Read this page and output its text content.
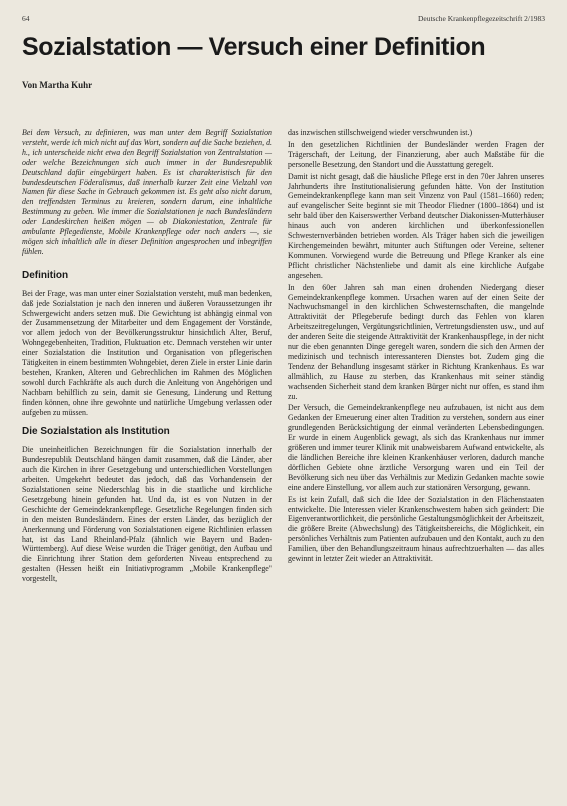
64	Deutsche Krankenpflegezeitschrift 2/1983
Sozialstation — Versuch einer Definition
Von Martha Kuhr

Bei dem Versuch, zu definieren, was man unter dem Begriff Sozialstation versteht, werde ich mich nicht auf das Wort, sondern auf die Sache beziehen, d. h., ich unterscheide nicht etwa den Begriff Sozialstation von Zentralstation — oder welche Bezeichnungen sich auch immer in der Bundesrepublik Deutschland dafür eingebürgert haben. Es ist charakteristisch für den bundesdeutschen Föderalismus, daß innerhalb kurzer Zeit eine Vielzahl von Namen für diese Sache in Gebrauch gekommen ist. Es geht also nicht darum, den treffendsten Terminus zu kreieren, sondern darum, eine inhaltliche Bestimmung zu geben. Wie immer die Sozialstationen je nach Bundesländern oder Landeskirchen heißen mögen — ob Diakoniestation, Zentrale für ambulante Pflegedienste, Mobile Krankenpflege oder noch anders —, sie mögen sich inhaltlich alle in dieser Definition angesprochen und inbegriffen fühlen.

Definition

Bei der Frage, was man unter einer Sozialstation versteht, muß man bedenken, daß jede Sozialstation je nach den inneren und äußeren Voraussetzungen ihr Schwergewicht anders setzen muß. Die Gewichtung ist abhängig einmal von der Zusammensetzung der Mitarbeiter und dem Engagement der Vorstände, vor allem jedoch von der Bevölkerungsstruktur hinsichtlich Alter, Beruf, Wohngegebenheiten, Tradition, Fluktuation etc. Demnach verstehen wir unter einer Sozialstation die Institution und Organisation von pflegerischen Tätigkeiten in einem bestimmten Wohngebiet, deren Ziele in erster Linie darin bestehen, Kranken, Alteren und Gebrechlichen im Rahmen des Möglichen sowohl durch Fachkräfte als auch durch die Anleitung von Angehörigen und Nachbarn behilflich zu sein, damit sie Genesung, Linderung und Rettung finden können, ohne ihre gewohnte und natürliche Umgebung verlassen oder aufgeben zu müssen.

Die Sozialstation als Institution

Die uneinheitlichen Bezeichnungen für die Sozialstation innerhalb der Bundesrepublik Deutschland hängen damit zusammen, daß die Länder, aber auch die Kirchen in ihrer Gesetzgebung und unterschiedlichen Vorstellungen arbeiten. Umgekehrt bedeutet das jedoch, daß das Vorhandensein der Sozialstationen seine Niederschlag bis in die staatliche und kirchliche Gesetzgebung hinein gefunden hat. Und da, ist es von Nutzen in der Geschichte der Gemeindekrankenpflege. Gesetzliche Regelungen finden sich in den meisten Bundesländern. Eines der ersten Länder, das bezüglich der Anerkennung und Förderung von Sozialstationen eigene Richtlinien erlassen hat, ist das Land Rheinland-Pfalz (ähnlich wie Bayern und Baden-Württemberg). Auf diese Weise wurden die Träger genötigt, den Aufbau und die Einrichtung ihrer Station dem geforderten Niveau entsprechend zu gestalten (Hessen heißt ein Initiativprogramm „Mobile Krankenpflege" vorgestellt,

das inzwischen stillschweigend wieder verschwunden ist.)

In den gesetzlichen Richtlinien der Bundesländer werden Fragen der Trägerschaft, der Leitung, der Finanzierung, aber auch Maßstäbe für die personelle Besetzung, den Standort und die Ausstattung geregelt.

Damit ist nicht gesagt, daß die häusliche Pflege erst in den 70er Jahren unseres Jahrhunderts ihre Institutionalisierung gefunden hätte. Von der Institution Gemeindekrankenpflege kann man seit Vinzenz von Paul (1581–1660) reden; auf evangelischer Seite beginnt sie mit Theodor Fliedner (1800–1864) und ist sehr bald über den Kaiserswerther Verband deutscher Diakonissen-Mutterhäuser hinaus auch von anderen kirchlichen und überkonfessionellen Schwesternverbänden betrieben worden. Als Träger haben sich die jeweiligen Kirchengemeinden bewährt, mitunter auch Stiftungen oder Vereine, seltener Kommunen. Vorwiegend wurde die Betreuung und Pflege Kranker als eine Pflicht christlicher Nächstenliebe und damit als eine kirchliche Aufgabe angesehen.

In den 60er Jahren sah man einen drohenden Niedergang dieser Gemeindekrankenpflege kommen. Ursachen waren auf der einen Seite der Nachwuchsmangel in den kirchlichen Schwesternschaften, die mangelnde Attraktivität der Pflegeberufe bedingt durch das Fehlen von klaren Arbeitszeitregelungen, Vergütungsrichtlinien, Vertretungsdiensten usw., und auf der anderen Seite die steigende Attraktivität der Krankenhauspflege, in der nicht nur die eben genannten Dinge geregelt waren, sondern die sich den Armen der medizinisch und technisch interessanteren Dienstes bot. Zudem ging die Tendenz der Behandlung insgesamt stärker in Richtung Krankenhaus. Es war allmählich, zu Hause zu sterben, das Krankenhaus mit seiner ständig wachsenden Sicherheit stand dem kranken Bürger nicht nur offen, es stand ihm zu.

Der Versuch, die Gemeindekrankenpflege neu aufzubauen, ist nicht aus dem Gedanken der Erneuerung einer alten Tradition zu verstehen, sondern aus einer grundlegenden Berücksichtigung der einmal veränderten Lebensbedingungen. Er wurde in einem Augenblick gewagt, als sich das Krankenhaus nur immer größeren und immer teurer Klinik mit unabweisbarem Aufwand entwickelte, als die ländlichen Bereiche ihre kleinen Krankenhäuser verloren, dadurch manche dörflichen Gebiete ohne ärztliche Versorgung waren und ein Teil der Bevölkerung sich neu über das Verhältnis zur Medizin Gedanken machte sowie eine andere Einstellung, vor allem auch zur stationären Versorgung, gewann.

Es ist kein Zufall, daß sich die Idee der Sozialstation in den Flächenstaaten entwickelte. Die Interessen vieler Krankenschwestern haben sich geändert: Die Eigenverantwortlichkeit, die persönliche Gestaltungsmöglichkeit der Arbeitszeit, die größere Breite (Abwechslung) des Tätigkeitsbereichs, die Möglichkeit, ein persönliches Verhältnis zum Patienten aufzubauen und den Kontakt, auch zu den Familien, über den Behandlungszeitraum hinaus aufrechtzuerhalten — das alles gewinnt in letzter Zeit wieder an Attraktivität.
